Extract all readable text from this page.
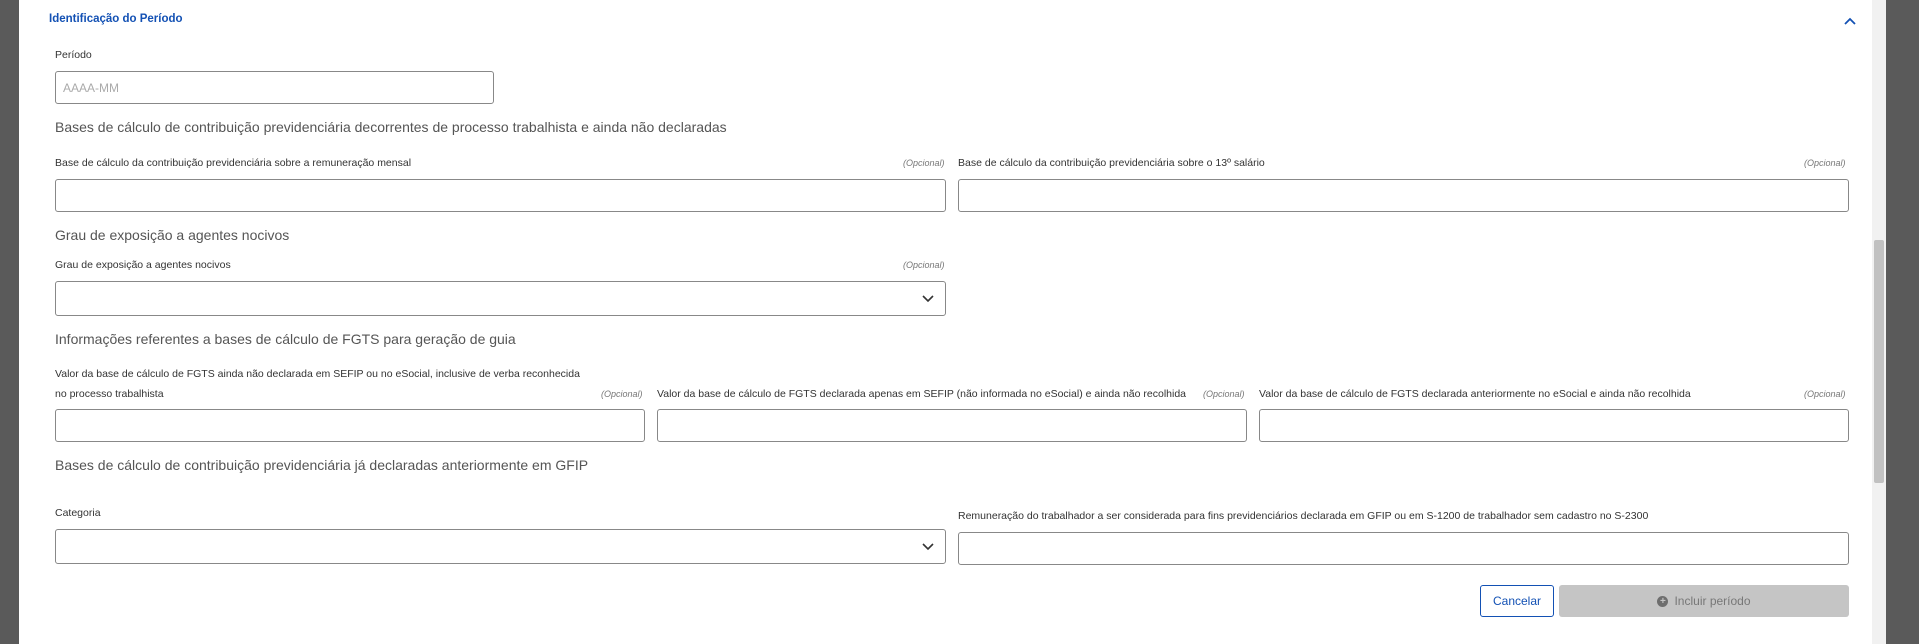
Identificação do Período
Período
AAAA-MM
Bases de cálculo de contribuição previdenciária decorrentes de processo trabalhista e ainda não declaradas
Base de cálculo da contribuição previdenciária sobre a remuneração mensal	(Opcional) Base de cálculo da contribuição previdenciária sobre o 13º salário	(Opcional)
Grau de exposição a agentes nocivos
Grau de exposição a agentes nocivos	(Opcional)
Informações referentes a bases de cálculo de FGTS para geração de guia
Valor da base de cálculo de FGTS ainda não declarada em SEFIP ou no eSocial, inclusive de verba reconhecida
no processo trabalhista	(Opcional) Valor da base de cálculo de FGTS declarada apenas em SEFIP (não informada no eSocial) e ainda não recolhida (Opcional) Valor da base de cálculo de FGTS declarada anteriormente no eSocial e ainda não recolhida	(Opcional)
Bases de cálculo de contribuição previdenciária já declaradas anteriormente em GFIP
Categoria	Remuneração do trabalhador a ser considerada para fins previdenciários declarada em GFIP ou em S-1200 de trabalhador sem cadastro no S-2300
Cancelar	+ Incluir período
